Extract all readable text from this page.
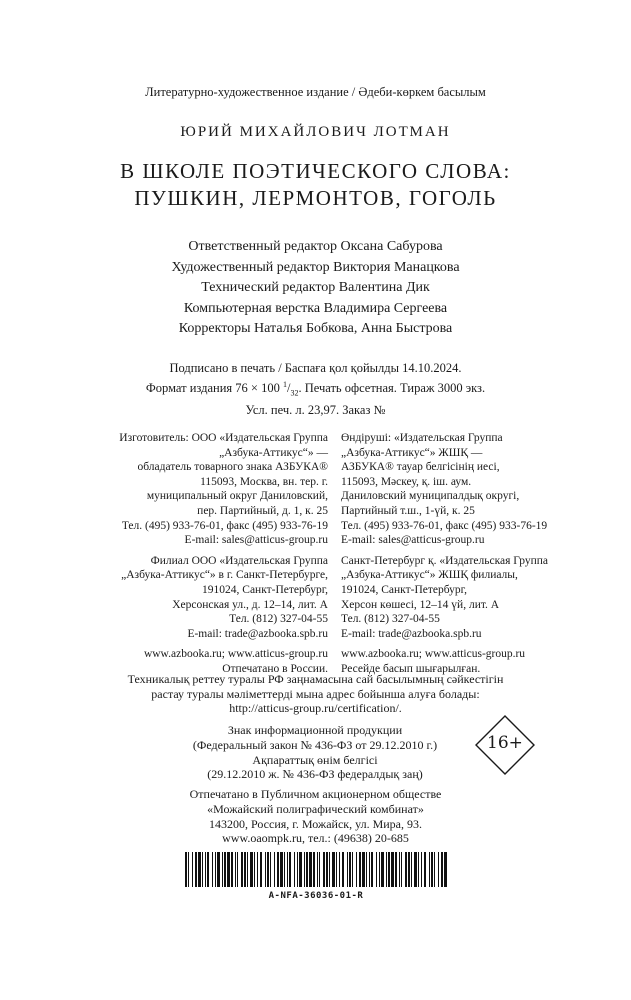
Литературно-художественное издание / Әдеби-көркем басылым
ЮРИЙ МИХАЙЛОВИЧ ЛОТМАН
В ШКОЛЕ ПОЭТИЧЕСКОГО СЛОВА:
ПУШКИН, ЛЕРМОНТОВ, ГОГОЛЬ
Ответственный редактор Оксана Сабурова
Художественный редактор Виктория Манацкова
Технический редактор Валентина Дик
Компьютерная верстка Владимира Сергеева
Корректоры Наталья Бобкова, Анна Быстрова
Подписано в печать / Баспаға қол қойылды 14.10.2024.
Формат издания 76 × 100 $^1/_{32}$. Печать офсетная. Тираж 3000 экз.
Усл. печ. л. 23,97. Заказ №
Изготовитель: ООО «Издательская Группа
„Азбука-Аттикус“» —
обладатель товарного знака АЗБУКА®
115093, Москва, вн. тер. г.
муниципальный округ Даниловский,
пер. Партийный, д. 1, к. 25
Тел. (495) 933-76-01, факс (495) 933-76-19
E-mail: sales@atticus-group.ru
Филиал ООО «Издательская Группа
„Азбука-Аттикус“» в г. Санкт-Петербурге,
191024, Санкт-Петербург,
Херсонская ул., д. 12–14, лит. А
Тел. (812) 327-04-55
E-mail: trade@azbooka.spb.ru
www.azbooka.ru; www.atticus-group.ru
Отпечатано в России.
Өндіруші: «Издательская Группа
„Азбука-Аттикус“» ЖШҚ —
АЗБУКА® тауар белгісінің иесі,
115093, Мәскеу, қ. іш. аум.
Даниловский муниципалдық округі,
Партийный т.ш., 1-үй, к. 25
Тел. (495) 933-76-01, факс (495) 933-76-19
E-mail: sales@atticus-group.ru
Санкт-Петербург қ. «Издательская Группа
„Азбука-Аттикус“» ЖШҚ филиалы,
191024, Санкт-Петербург,
Херсон көшесі, 12–14 үй, лит. А
Тел. (812) 327-04-55
E-mail: trade@azbooka.spb.ru
www.azbooka.ru; www.atticus-group.ru
Ресейде басып шығарылған.
Техникалық реттеу туралы РФ заңнамасына сай басылымның сәйкестігін
растау туралы мәліметтерді мына адрес бойынша алуға болады:
http://atticus-group.ru/certification/.
Знак информационной продукции
(Федеральный закон № 436-ФЗ от 29.12.2010 г.)
Ақпараттық өнім белгісі
(29.12.2010 ж. № 436-ФЗ федералдық заң)
16+
Отпечатано в Публичном акционерном обществе
«Можайский полиграфический комбинат»
143200, Россия, г. Можайск, ул. Мира, 93.
www.oaompk.ru, тел.: (49638) 20-685
A-NFA-36036-01-R
